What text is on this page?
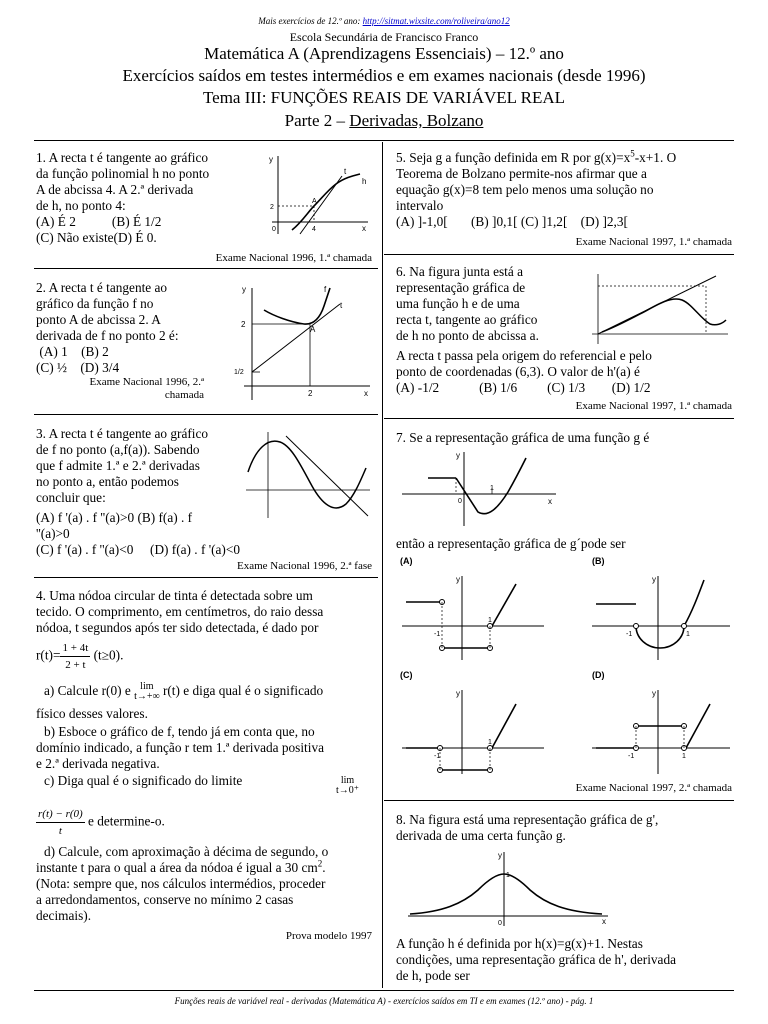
Mais exercícios de 12.º ano: http://sitmat.wixsite.com/roliveira/ano12
Escola Secundária de Francisco Franco
Matemática A (Aprendizagens Essenciais) – 12.º ano
Exercícios saídos em testes intermédios e em exames nacionais (desde 1996)
Tema III: FUNÇÕES REAIS DE VARIÁVEL REAL
Parte 2 – Derivadas, Bolzano
1. A recta t é tangente ao gráfico
da função polinomial h no ponto
A de abcissa 4. A 2.ª derivada
de h, no ponto 4:
(A) É 2	(B) É 1/2
(C) Não existe(D) É 0.
y
x
t
h
A
2
0	4
Exame Nacional 1996, 1.ª chamada
2. A recta t é tangente ao
gráfico da função f no
ponto A de abcissa 2. A
derivada de f no ponto 2 é:
(A) 1 (B) 2
(C) ½ (D) 3/4
Exame Nacional 1996, 2.ª
chamada
y
x
f
t
A
2
1/2
2
3. A recta t é tangente ao gráfico
de f no ponto (a,f(a)). Sabendo
que f admite 1.ª e 2.ª derivadas
no ponto a, então podemos
concluir que:
(A) f '(a) . f ''(a)>0 (B) f(a) . f
''(a)>0
(C) f '(a) . f ''(a)<0 (D) f(a) . f '(a)<0
Exame Nacional 1996, 2.ª fase
4. Uma nódoa circular de tinta é detectada sobre um
tecido. O comprimento, em centímetros, do raio dessa
nódoa, t segundos após ter sido detectada, é dado por
$r(t)= \frac{1 + 4t}{2 + t} (t\ge 0)$.
a) Calcule r(0) e lim
t→+∞ r(t) e diga qual é o significado
físico desses valores.
b) Esboce o gráfico de f, tendo já em conta que, no
domínio indicado, a função r tem 1.ª derivada positiva
e 2.ª derivada negativa.
c) Diga qual é o significado do limite	lim
t→0⁺
$\frac{r(t) - r(0)}{t}$ e determine-o.
d) Calcule, com aproximação à décima de segundo, o
instante t para o qual a área da nódoa é igual a 30 $cm^2$.
(Nota: sempre que, nos cálculos intermédios, proceder
a arredondamentos, conserve no mínimo 2 casas
decimais).
Prova modelo 1997
5. Seja g a função definida em R por $g(x)=x^5-x+1$. O
Teorema de Bolzano permite-nos afirmar que a
equação g(x)=8 tem pelo menos uma solução no
intervalo
(A) ]-1,0[ (B) ]0,1[ (C) ]1,2[ (D) ]2,3[
Exame Nacional 1997, 1.ª chamada
6. Na figura junta está a
representação gráfica de
uma função h e de uma
recta t, tangente ao gráfico
de h no ponto de abcissa a.
A recta t passa pela origem do referencial e pelo
ponto de coordenadas (6,3). O valor de h'(a) é
(A) -1/2	(B) 1/6 (C) 1/3 (D) 1/2
Exame Nacional 1997, 1.ª chamada
7. Se a representação gráfica de uma função g é
y
x
1
0
então a representação gráfica de g´pode ser
(A)
y
-1
1
(B)
y
-1	1
(C)
y
-1
1
(D)
y
-1	1
Exame Nacional 1997, 2.ª chamada
8. Na figura está uma representação gráfica de g',
derivada de uma certa função g.
y
x
1
0
A função h é definida por h(x)=g(x)+1. Nestas
condições, uma representação gráfica de h', derivada
de h, pode ser
Funções reais de variável real - derivadas (Matemática A) - exercícios saídos em TI e em exames (12.º ano) - pág. 1
